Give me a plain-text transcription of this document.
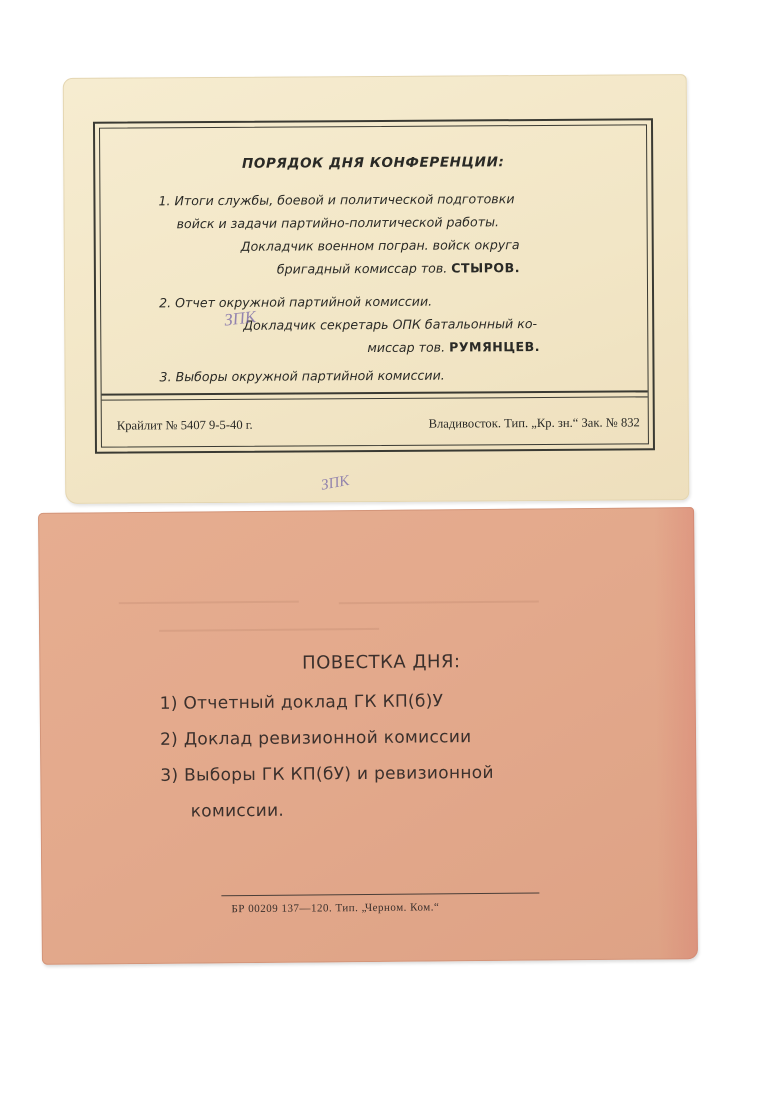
ПОРЯДОК ДНЯ КОНФЕРЕНЦИИ:
1. Итоги службы, боевой и политической подготовки
войск и задачи партийно-политической работы.
Докладчик военном погран. войск округа
бригадный комиссар тов. СТЫРОВ.
2. Отчет окружной партийной комиссии.
Докладчик секретарь ОПК батальонный ко-
миссар тов. РУМЯНЦЕВ.
3. Выборы окружной партийной комиссии.
Крайлит № 5407 9-5-40 г.	Владивосток. Тип. „Кр. зн.“ Зак. № 832
ЗПК
ЗПК
ПОВЕСТКА ДНЯ:
1) Отчетный доклад ГК КП(б)У
2) Доклад ревизионной комиссии
3) Выборы ГК КП(бУ) и ревизионной
комиссии.
БР 00209 137—120. Тип. „Черном. Ком.“
